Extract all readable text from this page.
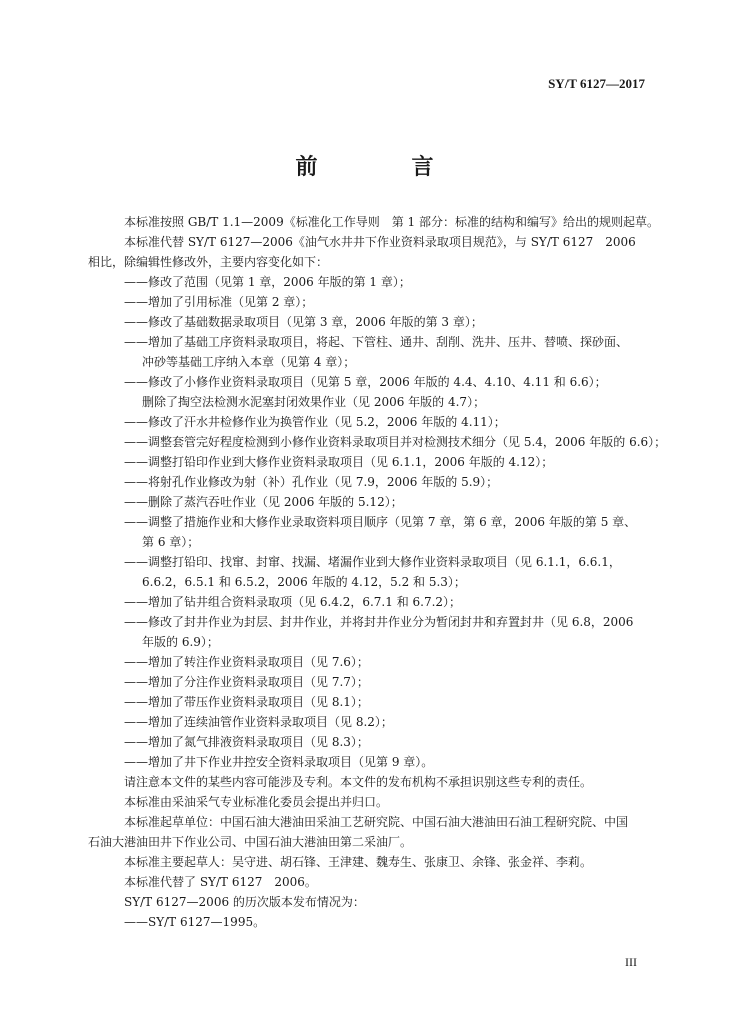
SY/T 6127—2017
前　言

本标准按照 GB/T 1.1—2009《标准化工作导则　第 1 部分：标准的结构和编写》给出的规则起草。

本标准代替 SY/T 6127—2006《油气水井井下作业资料录取项目规范》，与 SY/T 6127　2006

相比，除编辑性修改外，主要内容变化如下：

——修改了范围（见第 1 章，2006 年版的第 1 章）；

——增加了引用标准（见第 2 章）；

——修改了基础数据录取项目（见第 3 章，2006 年版的第 3 章）；

——增加了基础工序资料录取项目，将起、下管柱、通井、刮削、洗井、压井、替喷、探砂面、

冲砂等基础工序纳入本章（见第 4 章）；

——修改了小修作业资料录取项目（见第 5 章，2006 年版的 4.4、4.10、4.11 和 6.6）；

删除了掏空法检测水泥塞封闭效果作业（见 2006 年版的 4.7）；

——修改了汗水井检修作业为换管作业（见 5.2，2006 年版的 4.11）；

——调整套管完好程度检测到小修作业资料录取项目并对检测技术细分（见 5.4，2006 年版的 6.6）；

——调整打铅印作业到大修作业资料录取项目（见 6.1.1，2006 年版的 4.12）；

——将射孔作业修改为射（补）孔作业（见 7.9，2006 年版的 5.9）；

——删除了蒸汽吞吐作业（见 2006 年版的 5.12）；

——调整了措施作业和大修作业录取资料项目顺序（见第 7 章，第 6 章，2006 年版的第 5 章、

第 6 章）；

——调整打铅印、找窜、封窜、找漏、堵漏作业到大修作业资料录取项目（见 6.1.1，6.6.1，

6.6.2，6.5.1 和 6.5.2，2006 年版的 4.12，5.2 和 5.3）；

——增加了钻井组合资料录取项（见 6.4.2，6.7.1 和 6.7.2）；

——修改了封井作业为封层、封井作业，并将封井作业分为暂闭封井和弃置封井（见 6.8，2006

年版的 6.9）；

——增加了转注作业资料录取项目（见 7.6）；

——增加了分注作业资料录取项目（见 7.7）；

——增加了带压作业资料录取项目（见 8.1）；

——增加了连续油管作业资料录取项目（见 8.2）；

——增加了氮气排液资料录取项目（见 8.3）；

——增加了井下作业井控安全资料录取项目（见第 9 章）。

请注意本文件的某些内容可能涉及专利。本文件的发布机构不承担识别这些专利的责任。

本标准由采油采气专业标准化委员会提出并归口。

本标准起草单位：中国石油大港油田采油工艺研究院、中国石油大港油田石油工程研究院、中国

石油大港油田井下作业公司、中国石油大港油田第二采油厂。

本标准主要起草人：吴守进、胡石锋、王津建、魏寿生、张康卫、余锋、张金祥、李莉。

本标准代替了 SY/T 6127　2006。

SY/T 6127—2006 的历次版本发布情况为：

——SY/T 6127—1995。

III
